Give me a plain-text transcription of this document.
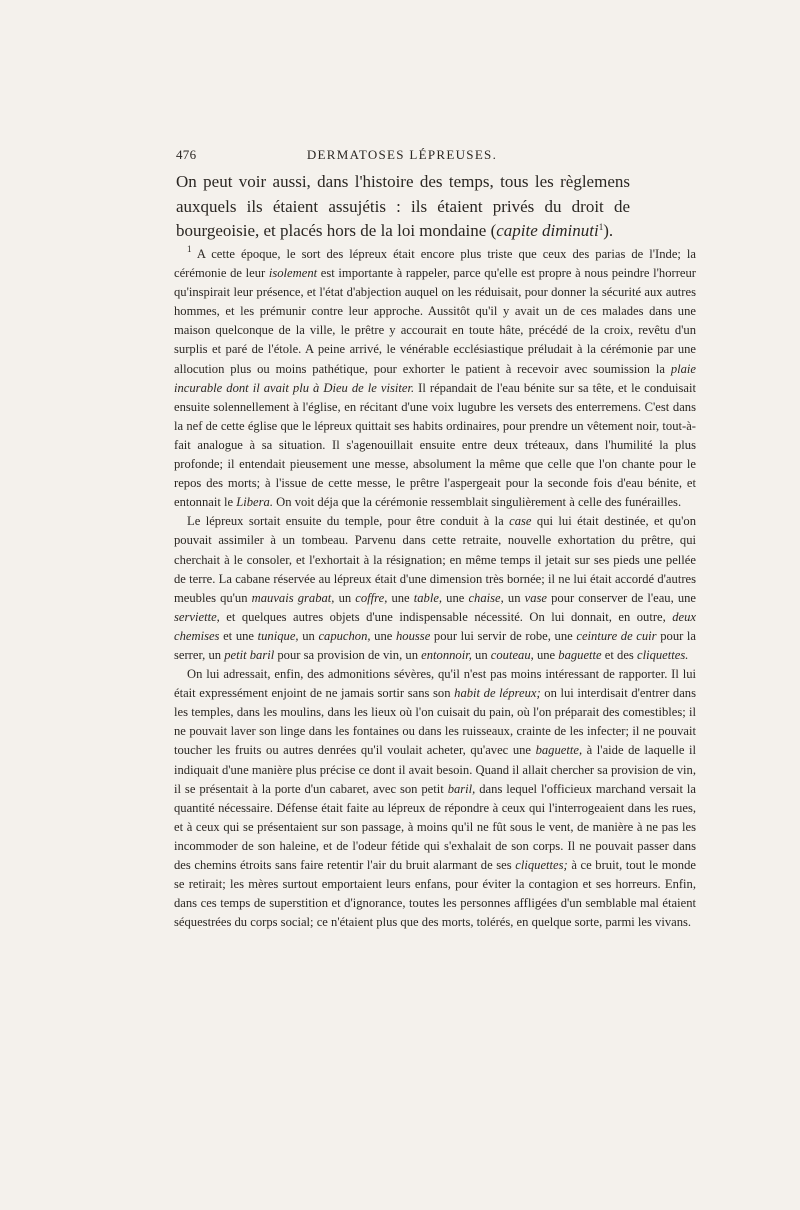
476	DERMATOSES LÉPREUSES.

On peut voir aussi, dans l'histoire des temps, tous les règlemens auxquels ils étaient assujétis : ils étaient privés du droit de bourgeoisie, et placés hors de la loi mondaine (capite diminuti$^1$).

$^1$ A cette époque, le sort des lépreux était encore plus triste que ceux des parias de l'Inde; la cérémonie de leur isolement est importante à rappeler, parce qu'elle est propre à nous peindre l'horreur qu'inspirait leur présence, et l'état d'abjection auquel on les réduisait, pour donner la sécurité aux autres hommes, et les prémunir contre leur approche. Aussitôt qu'il y avait un de ces malades dans une maison quelconque de la ville, le prêtre y accourait en toute hâte, précédé de la croix, revêtu d'un surplis et paré de l'étole. A peine arrivé, le vénérable ecclésiastique préludait à la cérémonie par une allocution plus ou moins pathétique, pour exhorter le patient à recevoir avec soumission la plaie incurable dont il avait plu à Dieu de le visiter. Il répandait de l'eau bénite sur sa tête, et le conduisait ensuite solennellement à l'église, en récitant d'une voix lugubre les versets des enterremens. C'est dans la nef de cette église que le lépreux quittait ses habits ordinaires, pour prendre un vêtement noir, tout-à-fait analogue à sa situation. Il s'agenouillait ensuite entre deux tréteaux, dans l'humilité la plus profonde; il entendait pieusement une messe, absolument la même que celle que l'on chante pour le repos des morts; à l'issue de cette messe, le prêtre l'aspergeait pour la seconde fois d'eau bénite, et entonnait le Libera. On voit déja que la cérémonie ressemblait singulièrement à celle des funérailles.

Le lépreux sortait ensuite du temple, pour être conduit à la case qui lui était destinée, et qu'on pouvait assimiler à un tombeau. Parvenu dans cette retraite, nouvelle exhortation du prêtre, qui cherchait à le consoler, et l'exhortait à la résignation; en même temps il jetait sur ses pieds une pellée de terre. La cabane réservée au lépreux était d'une dimension très bornée; il ne lui était accordé d'autres meubles qu'un mauvais grabat, un coffre, une table, une chaise, un vase pour conserver de l'eau, une serviette, et quelques autres objets d'une indispensable nécessité. On lui donnait, en outre, deux chemises et une tunique, un capuchon, une housse pour lui servir de robe, une ceinture de cuir pour la serrer, un petit baril pour sa provision de vin, un entonnoir, un couteau, une baguette et des cliquettes.

On lui adressait, enfin, des admonitions sévères, qu'il n'est pas moins intéressant de rapporter. Il lui était expressément enjoint de ne jamais sortir sans son habit de lépreux; on lui interdisait d'entrer dans les temples, dans les moulins, dans les lieux où l'on cuisait du pain, où l'on préparait des comestibles; il ne pouvait laver son linge dans les fontaines ou dans les ruisseaux, crainte de les infecter; il ne pouvait toucher les fruits ou autres denrées qu'il voulait acheter, qu'avec une baguette, à l'aide de laquelle il indiquait d'une manière plus précise ce dont il avait besoin. Quand il allait chercher sa provision de vin, il se présentait à la porte d'un cabaret, avec son petit baril, dans lequel l'officieux marchand versait la quantité nécessaire. Défense était faite au lépreux de répondre à ceux qui l'interrogeaient dans les rues, et à ceux qui se présentaient sur son passage, à moins qu'il ne fût sous le vent, de manière à ne pas les incommoder de son haleine, et de l'odeur fétide qui s'exhalait de son corps. Il ne pouvait passer dans des chemins étroits sans faire retentir l'air du bruit alarmant de ses cliquettes; à ce bruit, tout le monde se retirait; les mères surtout emportaient leurs enfans, pour éviter la contagion et ses horreurs. Enfin, dans ces temps de superstition et d'ignorance, toutes les personnes affligées d'un semblable mal étaient séquestrées du corps social; ce n'étaient plus que des morts, tolérés, en quelque sorte, parmi les vivans.
